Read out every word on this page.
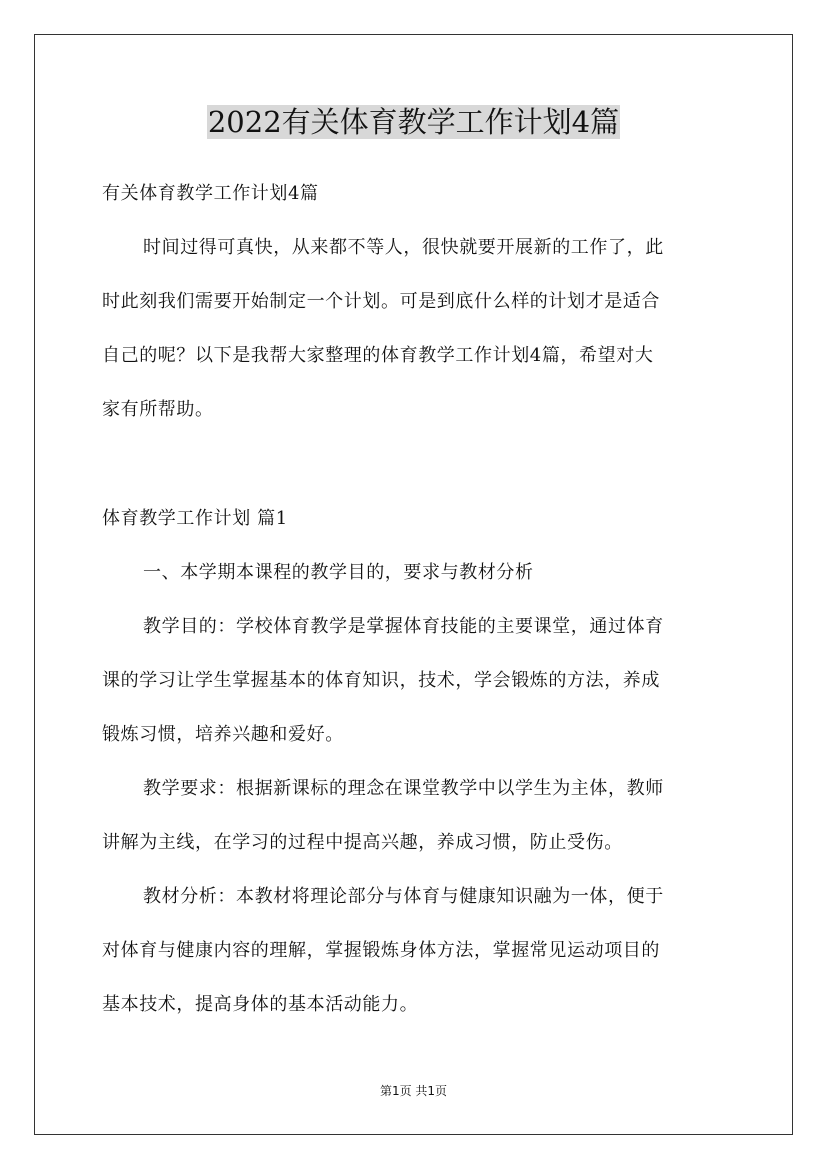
2022有关体育教学工作计划4篇
有关体育教学工作计划4篇
时间过得可真快，从来都不等人，很快就要开展新的工作了，此
时此刻我们需要开始制定一个计划。可是到底什么样的计划才是适合
自己的呢？以下是我帮大家整理的体育教学工作计划4篇，希望对大
家有所帮助。
体育教学工作计划 篇1
一、本学期本课程的教学目的，要求与教材分析
教学目的：学校体育教学是掌握体育技能的主要课堂，通过体育
课的学习让学生掌握基本的体育知识，技术，学会锻炼的方法，养成
锻炼习惯，培养兴趣和爱好。
教学要求：根据新课标的理念在课堂教学中以学生为主体，教师
讲解为主线，在学习的过程中提高兴趣，养成习惯，防止受伤。
教材分析：本教材将理论部分与体育与健康知识融为一体，便于
对体育与健康内容的理解，掌握锻炼身体方法，掌握常见运动项目的
基本技术，提高身体的基本活动能力。
第1页 共1页
